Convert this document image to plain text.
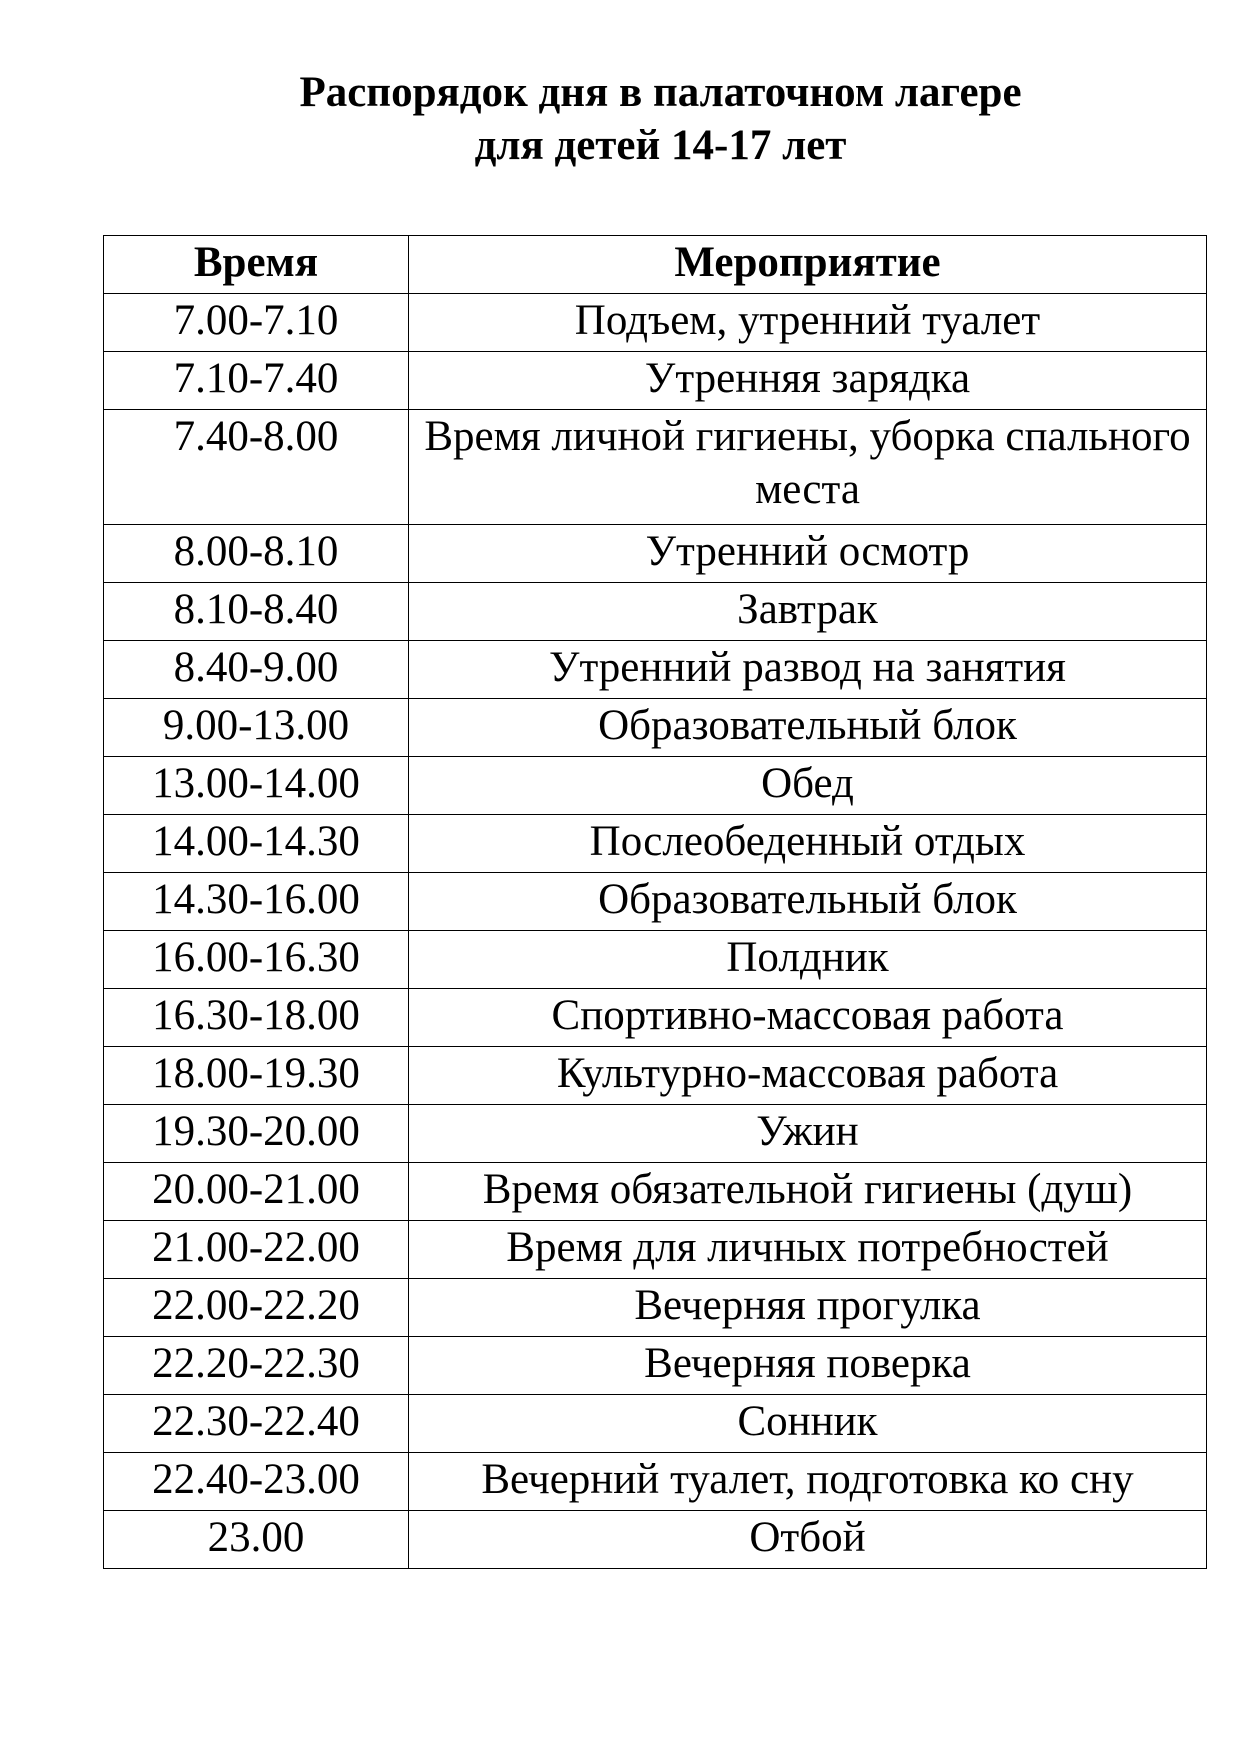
Распорядок дня в палаточном лагере
для детей 14-17 лет
Время	Мероприятие
7.00-7.10	Подъем, утренний туалет
7.10-7.40	Утренняя зарядка
7.40-8.00	Время личной гигиены, уборка спального места
8.00-8.10	Утренний осмотр
8.10-8.40	Завтрак
8.40-9.00	Утренний развод на занятия
9.00-13.00	Образовательный блок
13.00-14.00	Обед
14.00-14.30	Послеобеденный отдых
14.30-16.00	Образовательный блок
16.00-16.30	Полдник
16.30-18.00	Спортивно-массовая работа
18.00-19.30	Культурно-массовая работа
19.30-20.00	Ужин
20.00-21.00	Время обязательной гигиены (душ)
21.00-22.00	Время для личных потребностей
22.00-22.20	Вечерняя прогулка
22.20-22.30	Вечерняя поверка
22.30-22.40	Сонник
22.40-23.00	Вечерний туалет, подготовка ко сну
23.00	Отбой
